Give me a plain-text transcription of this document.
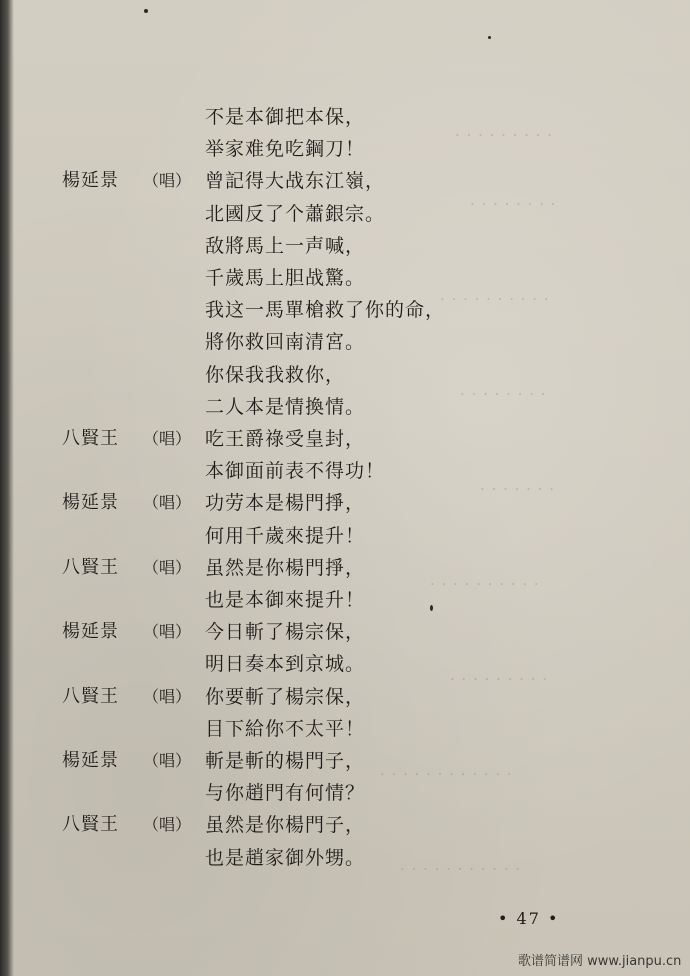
· · · · · · · · ·
· · · · · · · ·
· · · · · · · · · ·
· · · · · · · ·
· · · · · · ·
· · · · · · · · · ·
· · · · · · · · ·
· · · · · · · · · · · ·
· · · · · · · · · · ·
不是本御把本保，
举家难免吃鋼刀！
楊延景 （唱） 曾記得大战东江嶺，
北國反了个蕭銀宗。
敌將馬上一声喊，
千歲馬上胆战驚。
我这一馬單槍救了你的命，
將你救回南清宮。
你保我我救你，
二人本是情換情。
八賢王 （唱） 吃王爵祿受皇封，
本御面前表不得功！
楊延景 （唱） 功劳本是楊門掙，
何用千歲來提升！
八賢王 （唱） 虽然是你楊門掙，
也是本御來提升！
楊延景 （唱） 今日斬了楊宗保，
明日奏本到京城。
八賢王 （唱） 你要斬了楊宗保，
目下給你不太平！
楊延景 （唱） 斬是斬的楊門子，
与你趙門有何情？
八賢王 （唱） 虽然是你楊門子，
也是趙家御外甥。
• 47 •
歌谱简谱网 www.jianpu.cn
